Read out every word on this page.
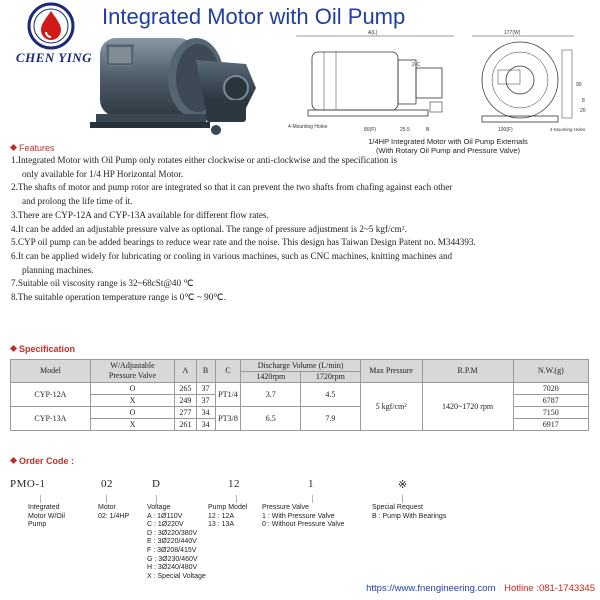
CHEN YING
Integrated Motor with Oil Pump
A(L)	177(W)
2-C
4-Mounting Holes	80(F)	25.5	B	100(F)
90
8
20
4-Mounting Holes
1/4HP Integrated Motor with Oil Pump Externals
(With Rotary Oil Pump and Pressure Valve)
Features
1.Integrated Motor with Oil Pump only rotates either clockwise or anti-clockwise and the specification is
only available for 1/4 HP Horizontal Motor.
2.The shafts of motor and pump rotor are integrated so that it can prevent the two shafts from chafing against each other
and prolong the life time of it.
3.There are CYP-12A and CYP-13A available for different flow rates.
4.It can be added an adjustable pressure valve as optional. The range of pressure adjustment is 2~5 kgf/cm².
5.CYP oil pump can be added bearings to reduce wear rate and the noise. This design has Taiwan Design Patent no. M344393.
6.It can be applied widely for lubricating or cooling in various machines, such as CNC machines, knitting machines and
planning machines.
7.Suitable oil viscosity range is 32~68cSt@40 ℃
8.The suitable operation temperature range is 0℃ ~ 90℃.
Specification
Model	W/Adjustable
Pressure Valve	A	B	C	Discharge Volume (L/min)		Max Pressure	R.P.M	N.W.(g)
					1420rpm	1720rpm			
CYP-12A	O	265	37	PT1/4	3.7	4.5	5 kgf/cm²	1420~1720 rpm	7020
	X	249	37						6787
CYP-13A	O	277	34	PT3/8	6.5	7.9			7150
	X	261	34						6917
Order Code :
PMO-1	02	D	12	1	※
|	|	|	|	|	|
Integrated
Motor W/Oil
Pump
Motor
02: 1/4HP
Voltage
A : 1Ø110V
C : 1Ø220V
D : 3Ø220/380V
E : 3Ø220/440V
F : 3Ø208/415V
G : 3Ø230/460V
H : 3Ø240/480V
X : Special Voltage
Pump Model
12 : 12A
13 : 13A
Pressure Valve
1 : With Pressure Valve
0 : Without Pressure Valve
Special Request
B : Pump With Bearings
https://www.fnengineering.com Hotline :081-1743345
